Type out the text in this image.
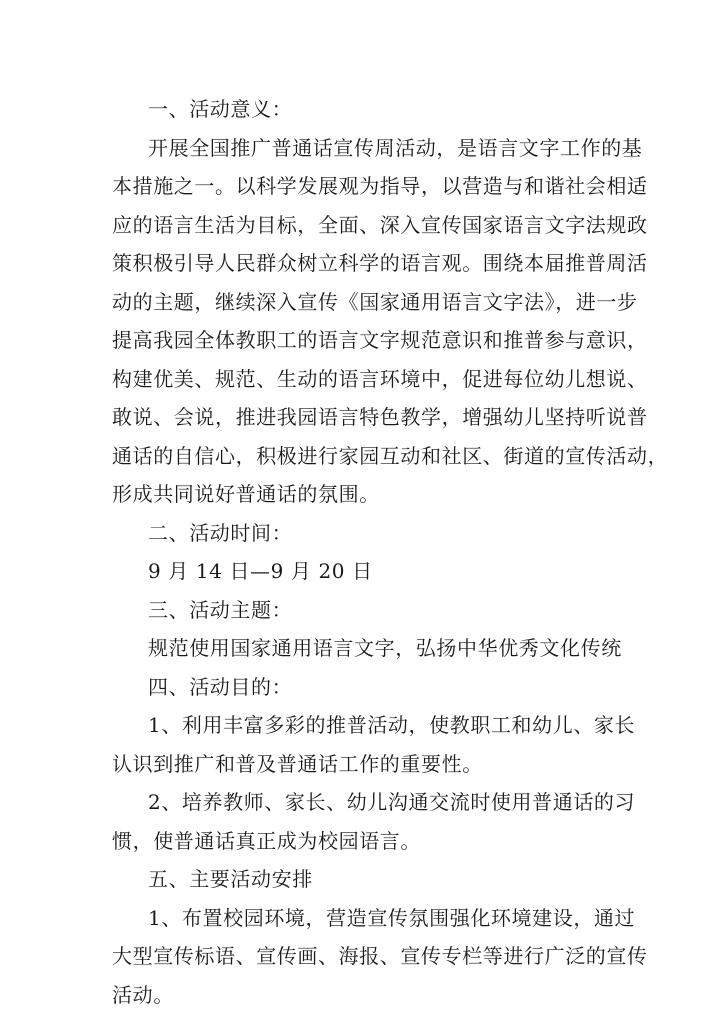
一、活动意义：

开展全国推广普通话宣传周活动，是语言文字工作的基

本措施之一。以科学发展观为指导，以营造与和谐社会相适

应的语言生活为目标，全面、深入宣传国家语言文字法规政

策积极引导人民群众树立科学的语言观。围绕本届推普周活

动的主题，继续深入宣传《国家通用语言文字法》，进一步

提高我园全体教职工的语言文字规范意识和推普参与意识，

构建优美、规范、生动的语言环境中，促进每位幼儿想说、

敢说、会说，推进我园语言特色教学，增强幼儿坚持听说普

通话的自信心，积极进行家园互动和社区、街道的宣传活动，

形成共同说好普通话的氛围。

二、活动时间：

9 月 14 日—9 月 20 日

三、活动主题：

规范使用国家通用语言文字，弘扬中华优秀文化传统

四、活动目的：

1、利用丰富多彩的推普活动，使教职工和幼儿、家长

认识到推广和普及普通话工作的重要性。

2、培养教师、家长、幼儿沟通交流时使用普通话的习

惯，使普通话真正成为校园语言。

五、主要活动安排

1、布置校园环境，营造宣传氛围强化环境建设，通过

大型宣传标语、宣传画、海报、宣传专栏等进行广泛的宣传

活动。
